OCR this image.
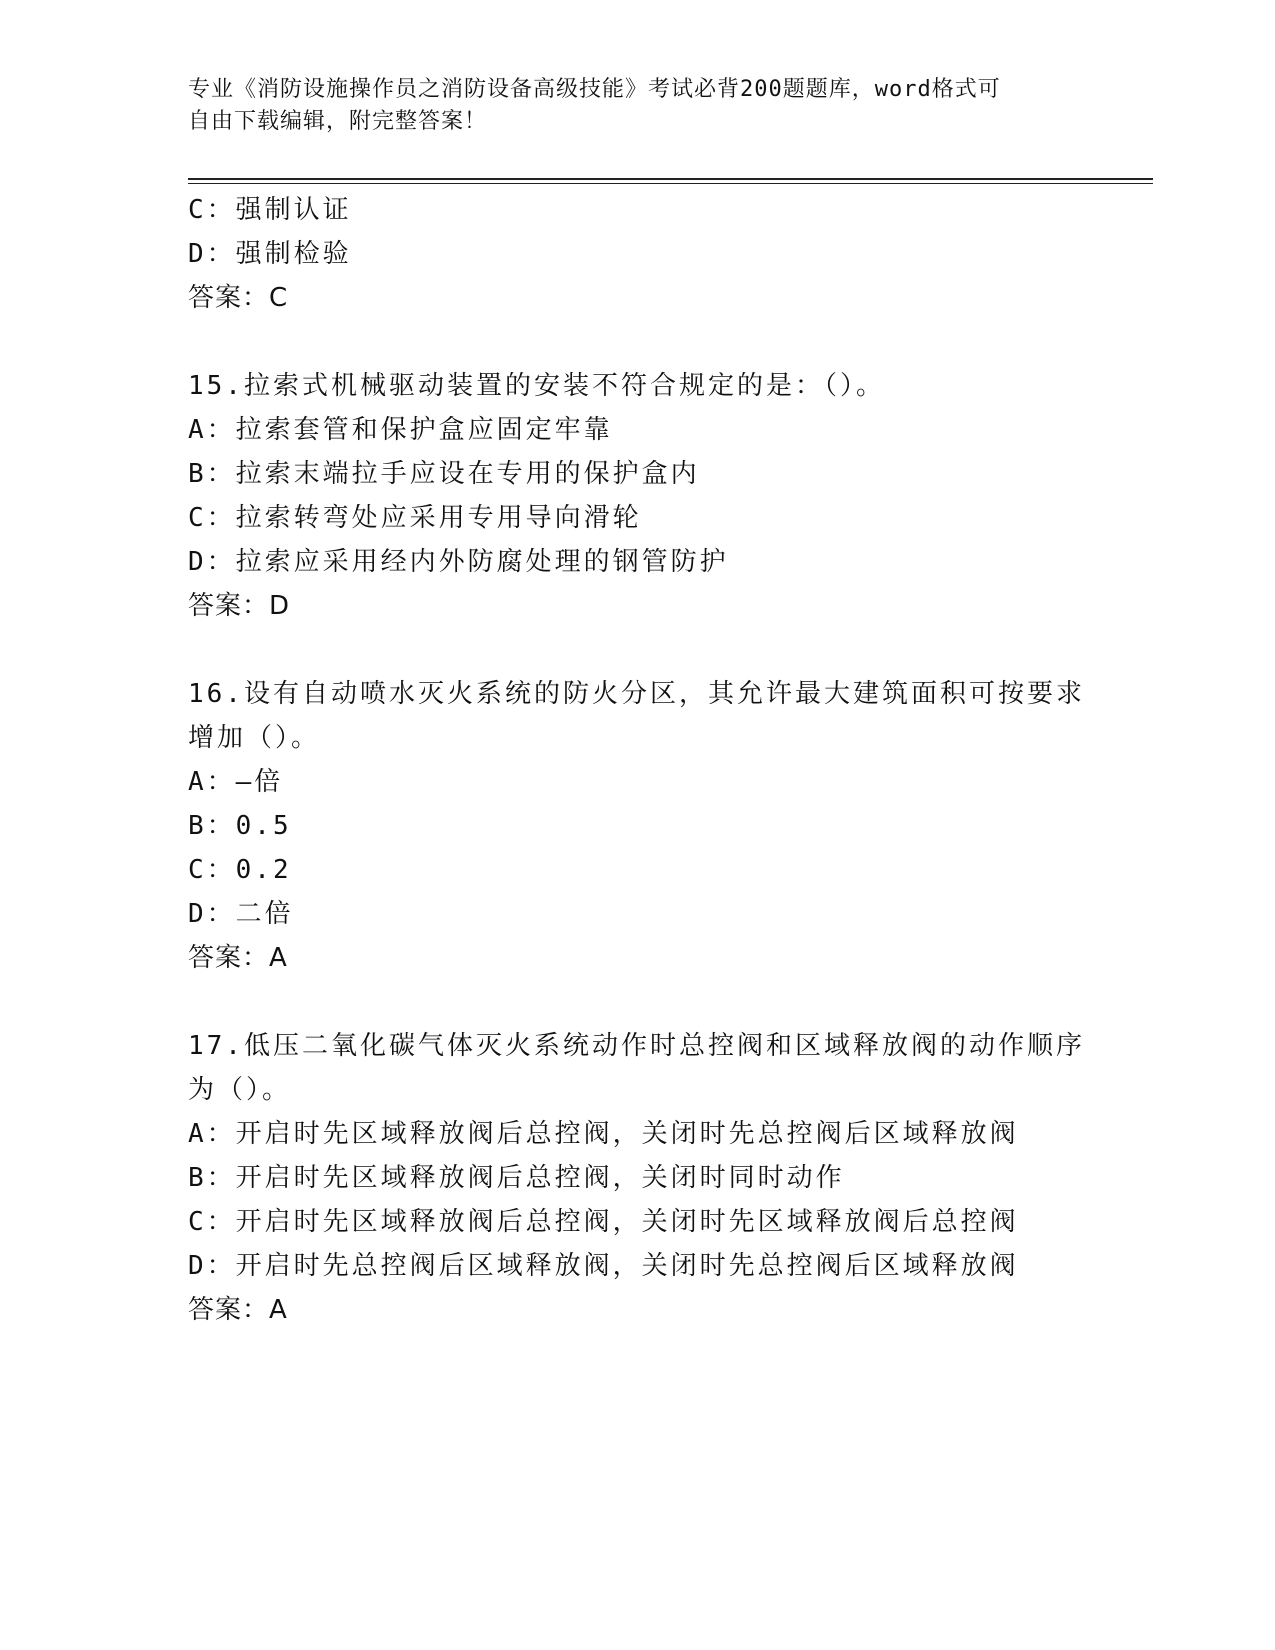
专业《消防设施操作员之消防设备高级技能》考试必背200题题库，word格式可
自由下载编辑，附完整答案！
C：强制认证
D：强制检验
答案：C
15.拉索式机械驱动装置的安装不符合规定的是：（）。
A：拉索套管和保护盒应固定牢靠
B：拉索末端拉手应设在专用的保护盒内
C：拉索转弯处应采用专用导向滑轮
D：拉索应采用经内外防腐处理的钢管防护
答案：D
16.设有自动喷水灭火系统的防火分区，其允许最大建筑面积可按要求
增加（）。
A：—倍
B：0.5
C：0.2
D：二倍
答案：A
17.低压二氧化碳气体灭火系统动作时总控阀和区域释放阀的动作顺序
为（）。
A：开启时先区域释放阀后总控阀，关闭时先总控阀后区域释放阀
B：开启时先区域释放阀后总控阀，关闭时同时动作
C：开启时先区域释放阀后总控阀，关闭时先区域释放阀后总控阀
D：开启时先总控阀后区域释放阀，关闭时先总控阀后区域释放阀
答案：A
